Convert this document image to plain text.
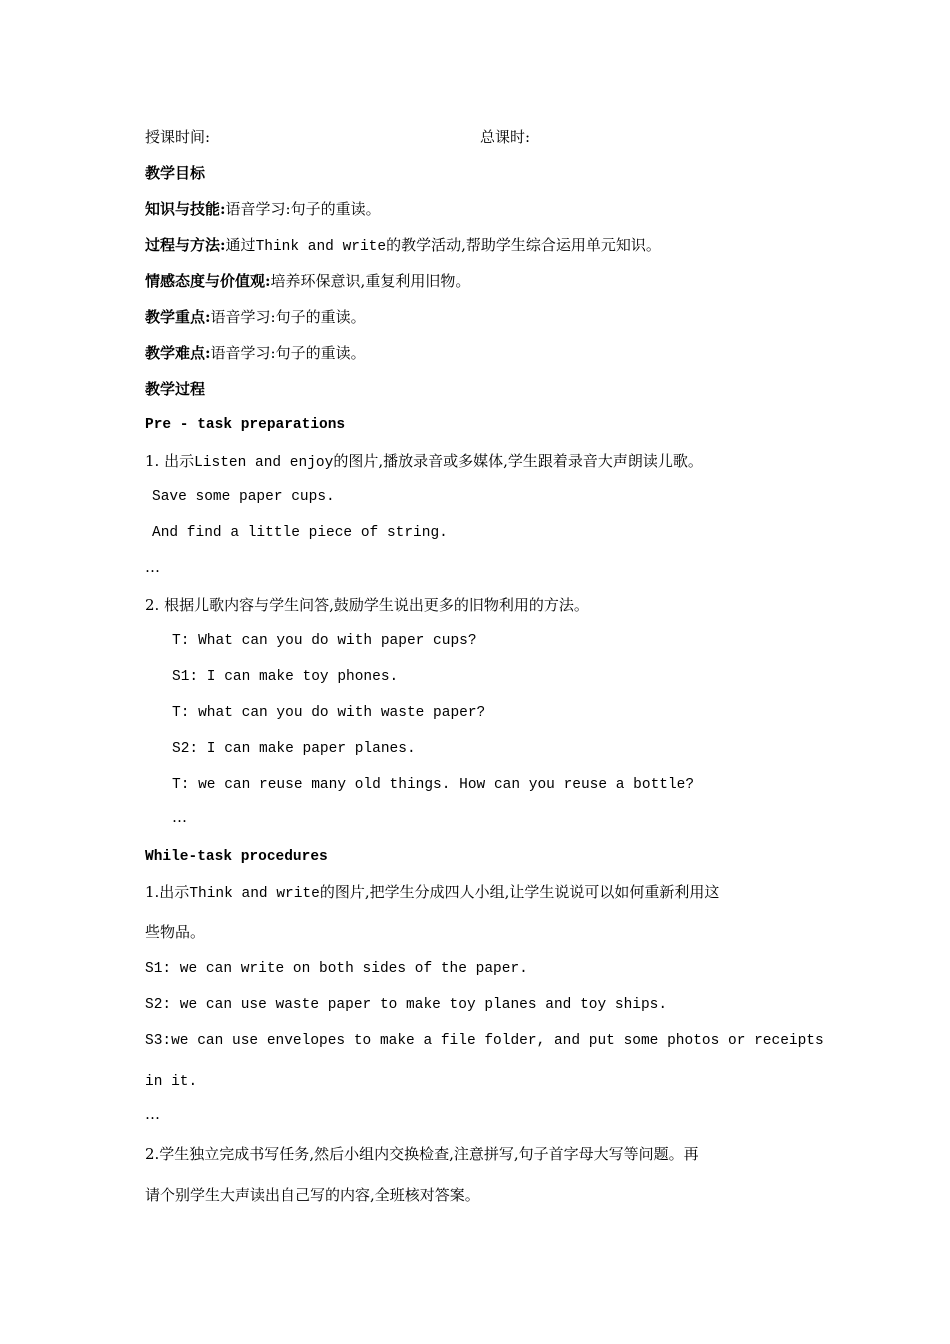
授课时间:	总课时:
教学目标
知识与技能:语音学习:句子的重读。
过程与方法:通过Think and write的教学活动,帮助学生综合运用单元知识。
情感态度与价值观:培养环保意识,重复利用旧物。
教学重点:语音学习:句子的重读。
教学难点:语音学习:句子的重读。
教学过程
Pre - task preparations
1. 出示Listen and enjoy的图片,播放录音或多媒体,学生跟着录音大声朗读儿歌。
Save some paper cups.
And find a little piece of string.
…
2. 根据儿歌内容与学生问答,鼓励学生说出更多的旧物利用的方法。
T: What can you do with paper cups?
S1: I can make toy phones.
T: what can you do with waste paper?
S2: I can make paper planes.
T: we can reuse many old things. How can you reuse a bottle?
…
While-task procedures
1.出示Think and write的图片,把学生分成四人小组,让学生说说可以如何重新利用这
些物品。
S1: we can write on both sides of the paper.
S2: we can use waste paper to make toy planes and toy ships.
S3:we can use envelopes to make a file folder, and put some photos or receipts
in it.
…
2.学生独立完成书写任务,然后小组内交换检查,注意拼写,句子首字母大写等问题。再
请个别学生大声读出自己写的内容,全班核对答案。
